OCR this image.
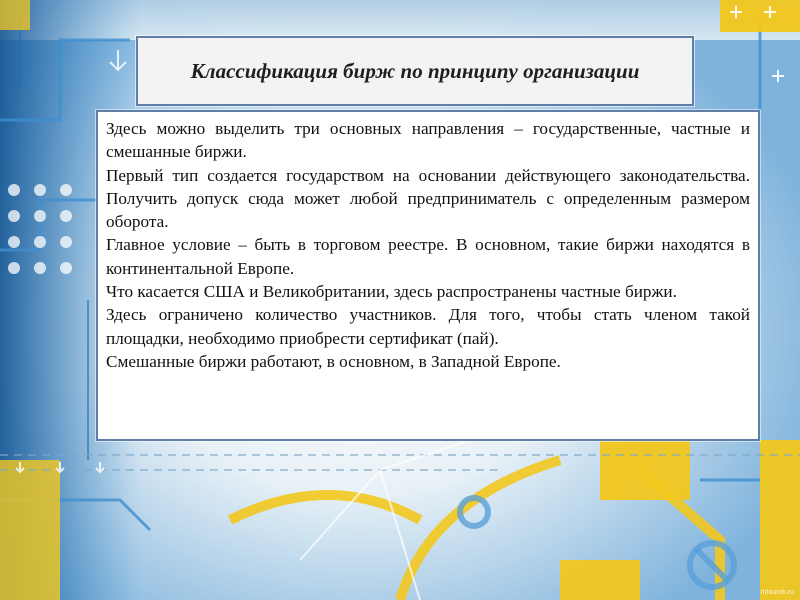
Классификация бирж по принципу организации

Здесь можно выделить три основных направления – государственные, частные и смешанные биржи.

Первый тип создается государством на основании действующего законодательства. Получить допуск сюда может любой предприниматель с определенным размером оборота.

Главное условие – быть в торговом реестре. В основном, такие биржи находятся в континентальной Европе.

Что касается США и Великобритании, здесь распространены частные биржи.

Здесь ограничено количество участников. Для того, чтобы стать членом такой площадки, необходимо приобрести сертификат (пай).

Смешанные биржи работают, в основном, в Западной Европе.

infourok.ru
